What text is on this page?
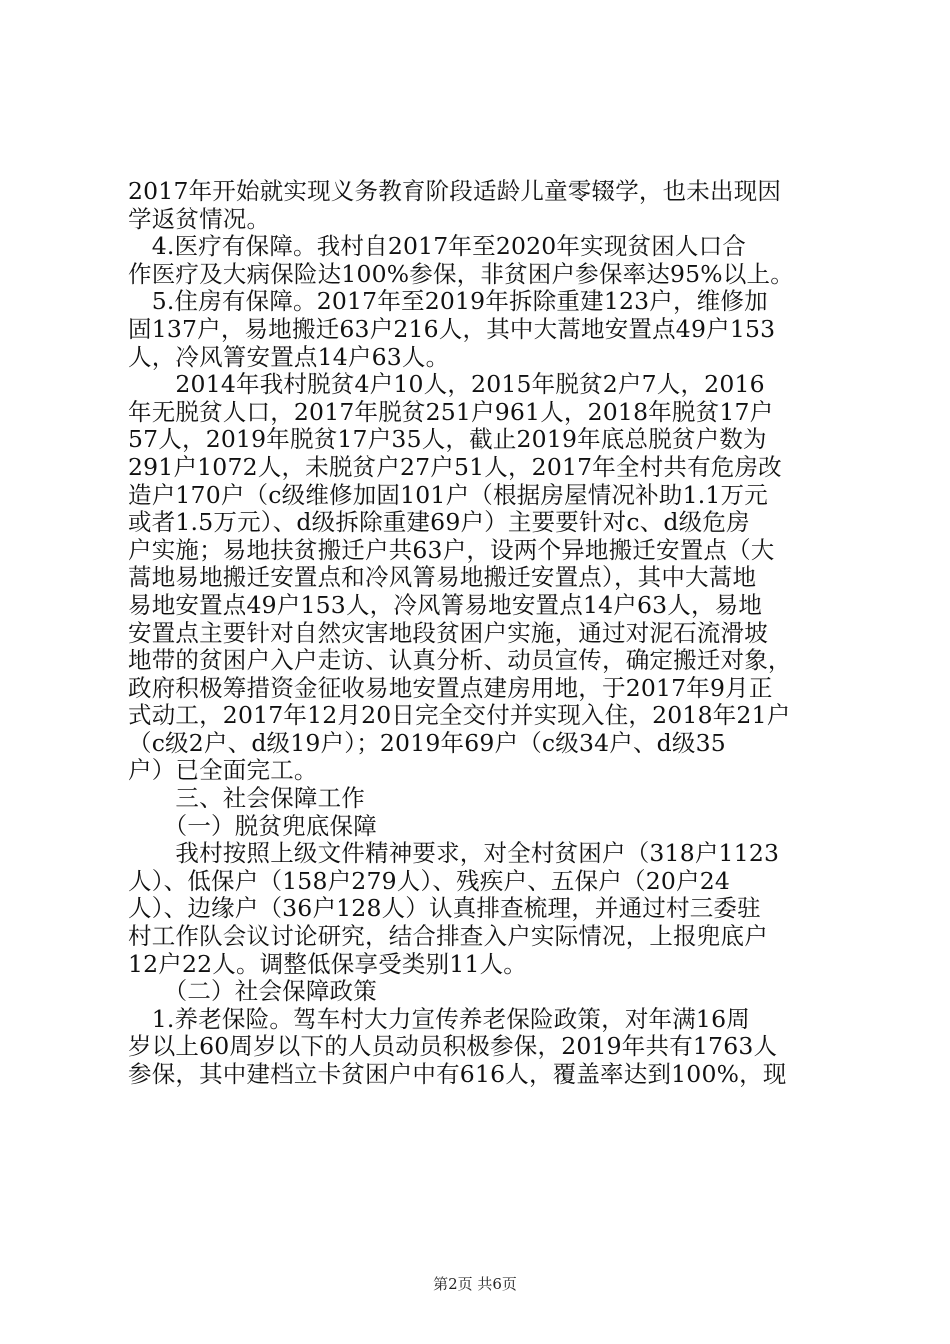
2017年开始就实现义务教育阶段适龄儿童零辍学，也未出现因
学返贫情况。
　4.医疗有保障。我村自2017年至2020年实现贫困人口合
作医疗及大病保险达100%参保，非贫困户参保率达95%以上。
　5.住房有保障。2017年至2019年拆除重建123户，维修加
固137户，易地搬迁63户216人，其中大蒿地安置点49户153
人，冷风箐安置点14户63人。
　　2014年我村脱贫4户10人，2015年脱贫2户7人，2016
年无脱贫人口，2017年脱贫251户961人，2018年脱贫17户
57人，2019年脱贫17户35人，截止2019年底总脱贫户数为
291户1072人，未脱贫户27户51人，2017年全村共有危房改
造户170户（c级维修加固101户（根据房屋情况补助1.1万元
或者1.5万元）、d级拆除重建69户）主要要针对c、d级危房
户实施；易地扶贫搬迁户共63户，设两个异地搬迁安置点（大
蒿地易地搬迁安置点和冷风箐易地搬迁安置点），其中大蒿地
易地安置点49户153人，冷风箐易地安置点14户63人，易地
安置点主要针对自然灾害地段贫困户实施，通过对泥石流滑坡
地带的贫困户入户走访、认真分析、动员宣传，确定搬迁对象，
政府积极筹措资金征收易地安置点建房用地，于2017年9月正
式动工，2017年12月20日完全交付并实现入住，2018年21户
（c级2户、d级19户）；2019年69户（c级34户、d级35
户）已全面完工。
　　三、社会保障工作
　　（一）脱贫兜底保障
　　我村按照上级文件精神要求，对全村贫困户（318户1123
人）、低保户（158户279人）、残疾户、五保户（20户24
人）、边缘户（36户128人）认真排查梳理，并通过村三委驻
村工作队会议讨论研究，结合排查入户实际情况，上报兜底户
12户22人。调整低保享受类别11人。
　　（二）社会保障政策
　1.养老保险。驾车村大力宣传养老保险政策，对年满16周
岁以上60周岁以下的人员动员积极参保，2019年共有1763人
参保，其中建档立卡贫困户中有616人，覆盖率达到100%，现
第2页 共6页
